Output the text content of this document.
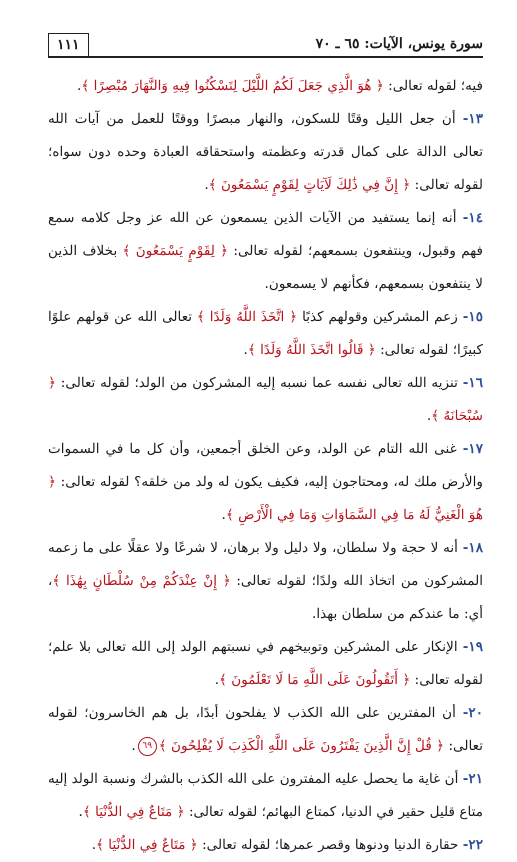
سورة يونس، الآيات: ٦٥ ـ ٧٠
١١١

فيه؛ لقوله تعالى: ﴿ هُوَ الَّذِي جَعَلَ لَكُمُ اللَّيْلَ لِتَسْكُنُوا فِيهِ وَالنَّهَارَ مُبْصِرًا ﴾.

١٣- أن جعل الليل وقتًا للسكون، والنهار مبصرًا ووقتًا للعمل من آيات الله تعالى الدالة على كمال قدرته وعظمته واستحقاقه العبادة وحده دون سواه؛ لقوله تعالى: ﴿ إِنَّ فِي ذَٰلِكَ لَآيَاتٍ لِقَوْمٍ يَسْمَعُونَ ﴾.

١٤- أنه إنما يستفيد من الآيات الذين يسمعون عن الله عز وجل كلامه سمع فهم وقبول، وينتفعون بسمعهم؛ لقوله تعالى: ﴿ لِقَوْمٍ يَسْمَعُونَ ﴾ بخلاف الذين لا ينتفعون بسمعهم، فكأنهم لا يسمعون.

١٥- زعم المشركين وقولهم كذبًا ﴿ اتَّخَذَ اللَّهُ وَلَدًا ﴾ تعالى الله عن قولهم علوًا كبيرًا؛ لقوله تعالى: ﴿ قَالُوا اتَّخَذَ اللَّهُ وَلَدًا ﴾.

١٦- تنزيه الله تعالى نفسه عما نسبه إليه المشركون من الولد؛ لقوله تعالى: ﴿ سُبْحَانَهُ ﴾.

١٧- غنى الله التام عن الولد، وعن الخلق أجمعين، وأن كل ما في السموات والأرض ملك له، ومحتاجون إليه، فكيف يكون له ولد من خلقه؟ لقوله تعالى: ﴿ هُوَ الْغَنِيُّ لَهُ مَا فِي السَّمَاوَاتِ وَمَا فِي الْأَرْضِ ﴾.

١٨- أنه لا حجة ولا سلطان، ولا دليل ولا برهان، لا شرعًا ولا عقلًا على ما زعمه المشركون من اتخاذ الله ولدًا؛ لقوله تعالى: ﴿ إِنْ عِنْدَكُمْ مِنْ سُلْطَانٍ بِهَٰذَا ﴾، أي: ما عندكم من سلطان بهذا.

١٩- الإنكار على المشركين وتوبيخهم في نسبتهم الولد إلى الله تعالى بلا علم؛ لقوله تعالى: ﴿ أَتَقُولُونَ عَلَى اللَّهِ مَا لَا تَعْلَمُونَ ﴾.

٢٠- أن المفترين على الله الكذب لا يفلحون أبدًا، بل هم الخاسرون؛ لقوله تعالى: ﴿ قُلْ إِنَّ الَّذِينَ يَفْتَرُونَ عَلَى اللَّهِ الْكَذِبَ لَا يُفْلِحُونَ ﴾٦٩.

٢١- أن غاية ما يحصل عليه المفترون على الله الكذب بالشرك ونسبة الولد إليه متاع قليل حقير في الدنيا، كمتاع البهائم؛ لقوله تعالى: ﴿ مَتَاعٌ فِي الدُّنْيَا ﴾.

٢٢- حقارة الدنيا ودنوها وقصر عمرها؛ لقوله تعالى: ﴿ مَتَاعٌ فِي الدُّنْيَا ﴾.
